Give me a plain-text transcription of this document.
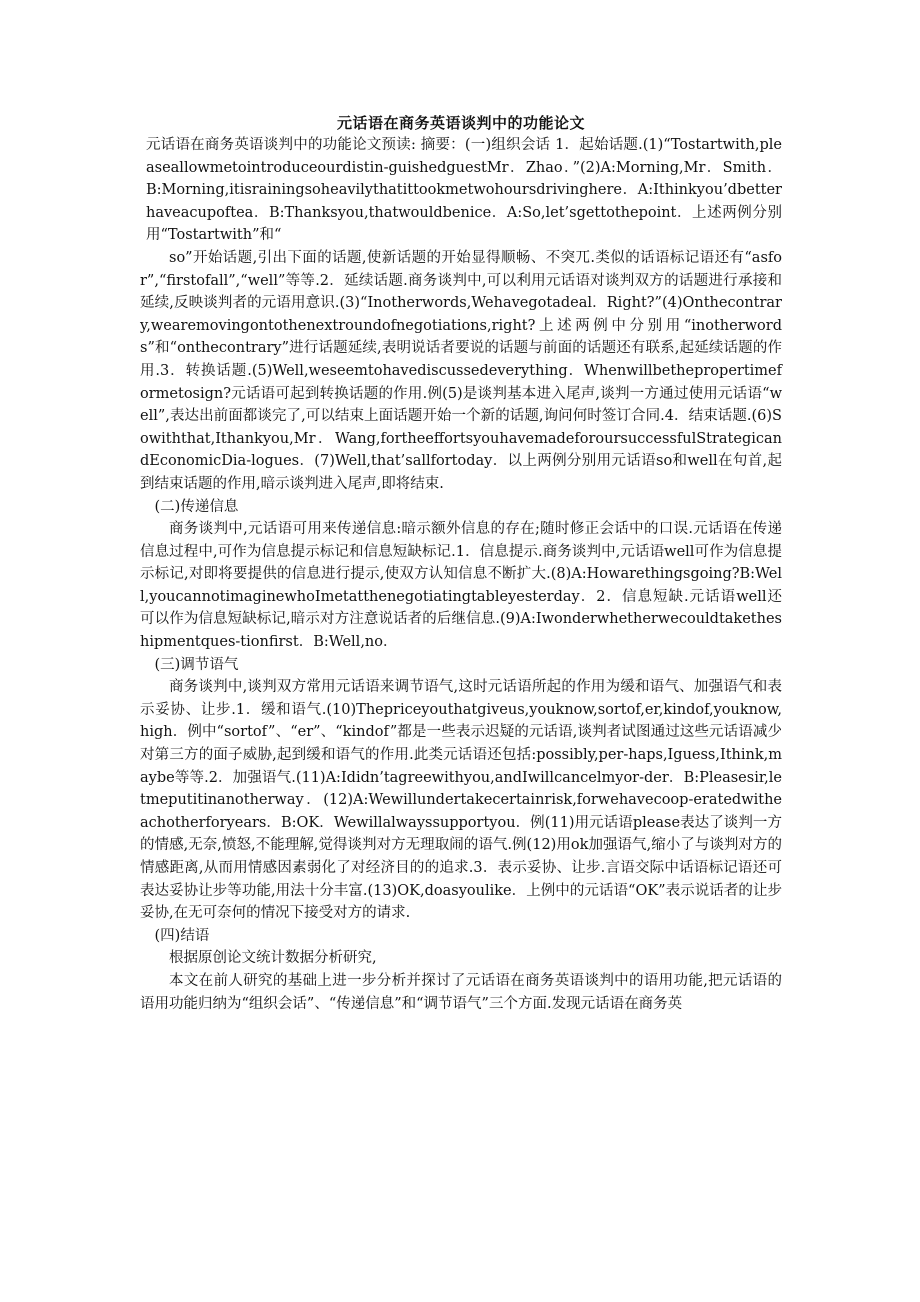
元话语在商务英语谈判中的功能论文

元话语在商务英语谈判中的功能论文预读: 摘要：(一)组织会话 1．起始话题.(1)“Tostartwith,pleaseallowmetointroduceourdistin-guishedguestMr．Zhao．”(2)A:Morning,Mr．Smith．B:Morning,itisrainingsoheavilythatittookmetwohoursdrivinghere．A:Ithinkyou’dbetterhaveacupoftea．B:Thanksyou,thatwouldbenice．A:So,let’sgettothepoint．上述两例分别用“Tostartwith”和“

so”开始话题,引出下面的话题,使新话题的开始显得顺畅、不突兀.类似的话语标记语还有“asfor”,“firstofall”,“well”等等.2．延续话题.商务谈判中,可以利用元话语对谈判双方的话题进行承接和延续,反映谈判者的元语用意识.(3)“Inotherwords,Wehavegotadeal．Right?”(4)Onthecontrary,wearemovingontothenextroundofnegotiations,right?上述两例中分别用“inotherwords”和“onthecontrary”进行话题延续,表明说话者要说的话题与前面的话题还有联系,起延续话题的作用.3．转换话题.(5)Well,weseemtohavediscussedeverything．Whenwillbethepropertimeformetosign?元话语可起到转换话题的作用.例(5)是谈判基本进入尾声,谈判一方通过使用元话语“well”,表达出前面都谈完了,可以结束上面话题开始一个新的话题,询问何时签订合同.4．结束话题.(6)Sowiththat,Ithankyou,Mr．Wang,fortheeffortsyouhavemadeforoursuccessfulStrategicandEconomicDia-logues．(7)Well,that’sallfortoday．以上两例分别用元话语so和well在句首,起到结束话题的作用,暗示谈判进入尾声,即将结束.

(二)传递信息

商务谈判中,元话语可用来传递信息:暗示额外信息的存在;随时修正会话中的口误.元话语在传递信息过程中,可作为信息提示标记和信息短缺标记.1．信息提示.商务谈判中,元话语well可作为信息提示标记,对即将要提供的信息进行提示,使双方认知信息不断扩大.(8)A:Howarethingsgoing?B:Well,youcannotimaginewhoImetatthenegotiatingtableyesterday．2．信息短缺.元话语well还可以作为信息短缺标记,暗示对方注意说话者的后继信息.(9)A:Iwonderwhetherwecouldtaketheshipmentques-tionfirst．B:Well,no．

(三)调节语气

商务谈判中,谈判双方常用元话语来调节语气,这时元话语所起的作用为缓和语气、加强语气和表示妥协、让步.1．缓和语气.(10)Thepriceyouthatgiveus,youknow,sortof,er,kindof,youknow,high．例中“sortof”、“er”、“kindof”都是一些表示迟疑的元话语,谈判者试图通过这些元话语减少对第三方的面子威胁,起到缓和语气的作用.此类元话语还包括:possibly,per-haps,Iguess,Ithink,maybe等等.2．加强语气.(11)A:Ididn’tagreewithyou,andIwillcancelmyor-der．B:Pleasesir,letmeputitinanotherway．(12)A:Wewillundertakecertainrisk,forwehavecoop-eratedwitheachotherforyears．B:OK．Wewillalwayssupportyou．例(11)用元话语please表达了谈判一方的情感,无奈,愤怒,不能理解,觉得谈判对方无理取闹的语气.例(12)用ok加强语气,缩小了与谈判对方的情感距离,从而用情感因素弱化了对经济目的的追求.3．表示妥协、让步.言语交际中话语标记语还可表达妥协让步等功能,用法十分丰富.(13)OK,doasyoulike．上例中的元话语“OK”表示说话者的让步妥协,在无可奈何的情况下接受对方的请求.

(四)结语

根据原创论文统计数据分析研究,

本文在前人研究的基础上进一步分析并探讨了元话语在商务英语谈判中的语用功能,把元话语的语用功能归纳为“组织会话”、“传递信息”和“调节语气”三个方面.发现元话语在商务英
